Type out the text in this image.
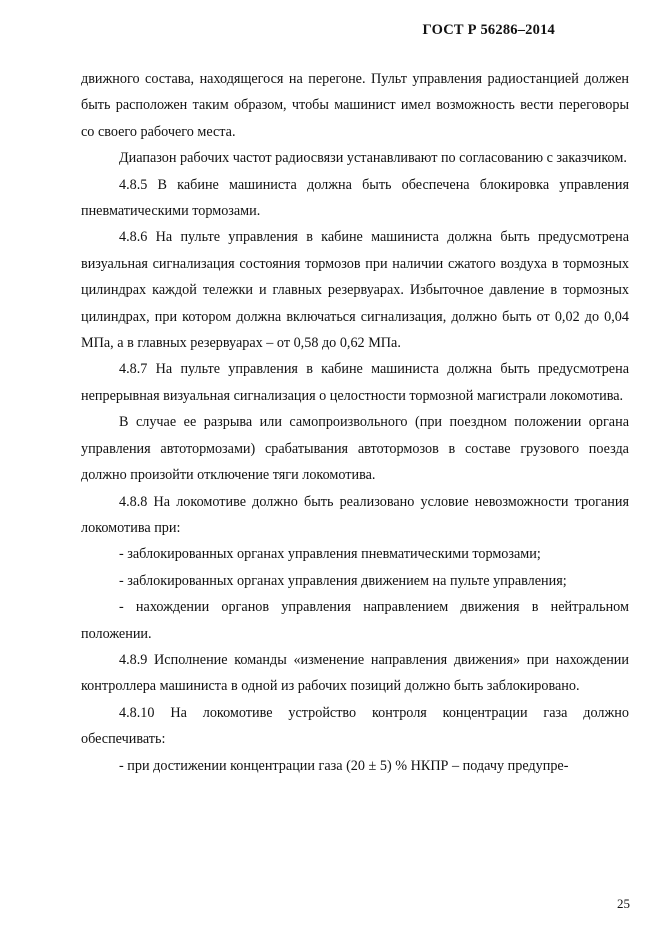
ГОСТ Р 56286–2014

движного состава, находящегося на перегоне. Пульт управления радиостанцией должен быть расположен таким образом, чтобы машинист имел возможность вести переговоры со своего рабочего места.

Диапазон рабочих частот радиосвязи устанавливают по согласованию с заказчиком.

4.8.5 В кабине машиниста должна быть обеспечена блокировка управления пневматическими тормозами.

4.8.6 На пульте управления в кабине машиниста должна быть предусмотрена визуальная сигнализация состояния тормозов при наличии сжатого воздуха в тормозных цилиндрах каждой тележки и главных резервуарах. Избыточное давление в тормозных цилиндрах, при котором должна включаться сигнализация, должно быть от 0,02 до 0,04 МПа, а в главных резервуарах – от 0,58 до 0,62 МПа.

4.8.7 На пульте управления в кабине машиниста должна быть предусмотрена непрерывная визуальная сигнализация о целостности тормозной магистрали локомотива.

В случае ее разрыва или самопроизвольного (при поездном положении органа управления автотормозами) срабатывания автотормозов в составе грузового поезда должно произойти отключение тяги локомотива.

4.8.8 На локомотиве должно быть реализовано условие невозможности трогания локомотива при:

- заблокированных органах управления пневматическими тормозами;

- заблокированных органах управления движением на пульте управления;

- нахождении органов управления направлением движения в нейтральном положении.

4.8.9 Исполнение команды «изменение направления движения» при нахождении контроллера машиниста в одной из рабочих позиций должно быть заблокировано.

4.8.10 На локомотиве устройство контроля концентрации газа должно обеспечивать:

- при достижении концентрации газа (20 ± 5) % НКПР – подачу предупре-

25
